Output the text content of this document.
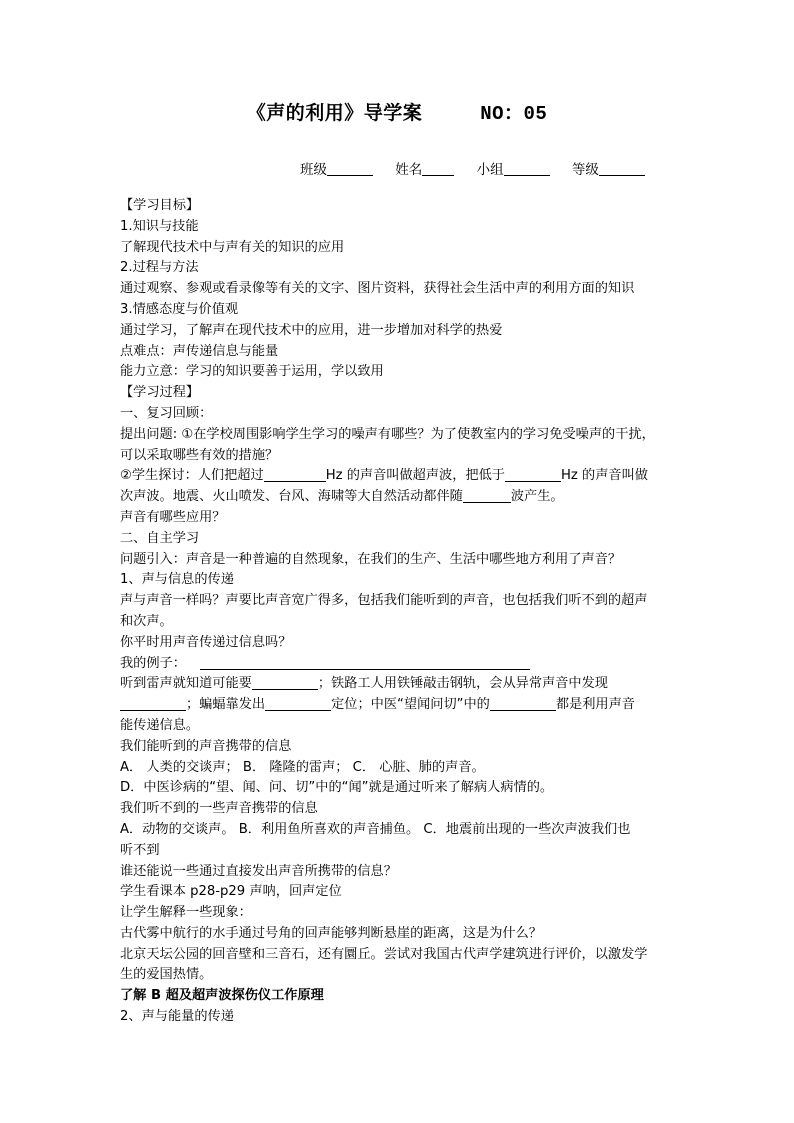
《声的利用》导学案	NO：05
班级	姓名	小组	等级

【学习目标】

1.知识与技能

了解现代技术中与声有关的知识的应用

2.过程与方法

通过观察、参观或看录像等有关的文字、图片资料，获得社会生活中声的利用方面的知识

3.情感态度与价值观

通过学习，了解声在现代技术中的应用，进一步增加对科学的热爱

点难点：声传递信息与能量

能力立意：学习的知识要善于运用，学以致用

【学习过程】

一、复习回顾：

提出问题: ①在学校周围影响学生学习的噪声有哪些？为了使教室内的学习免受噪声的干扰，

可以采取哪些有效的措施？

②学生探讨：人们把超过	Hz 的声音叫做超声波，把低于	Hz 的声音叫做

次声波。地震、火山喷发、台风、海啸等大自然活动都伴随	波产生。

声音有哪些应用？

二、自主学习

问题引入：声音是一种普遍的自然现象，在我们的生产、生活中哪些地方利用了声音？

1、声与信息的传递

声与声音一样吗？声要比声音宽广得多，包括我们能听到的声音，也包括我们听不到的超声

和次声。

你平时用声音传递过信息吗？

我的例子：

听到雷声就知道可能要	；铁路工人用铁锤敲击钢轨，会从异常声音中发现

；蝙蝠靠发出	定位；中医“望闻问切”中的	都是利用声音

能传递信息。

我们能听到的声音携带的信息

A． 人类的交谈声； B． 隆隆的雷声； C． 心脏、肺的声音。

D．中医诊病的“望、闻、问、切”中的“闻”就是通过听来了解病人病情的。

我们听不到的一些声音携带的信息

A．动物的交谈声。 B．利用鱼所喜欢的声音捕鱼。 C．地震前出现的一些次声波我们也

听不到

谁还能说一些通过直接发出声音所携带的信息？

学生看课本 p28-p29 声呐，回声定位

让学生解释一些现象：

古代雾中航行的水手通过号角的回声能够判断悬崖的距离，这是为什么？

北京天坛公园的回音壁和三音石，还有圜丘。尝试对我国古代声学建筑进行评价，以激发学

生的爱国热情。

了解 B 超及超声波探伤仪工作原理

2、声与能量的传递
